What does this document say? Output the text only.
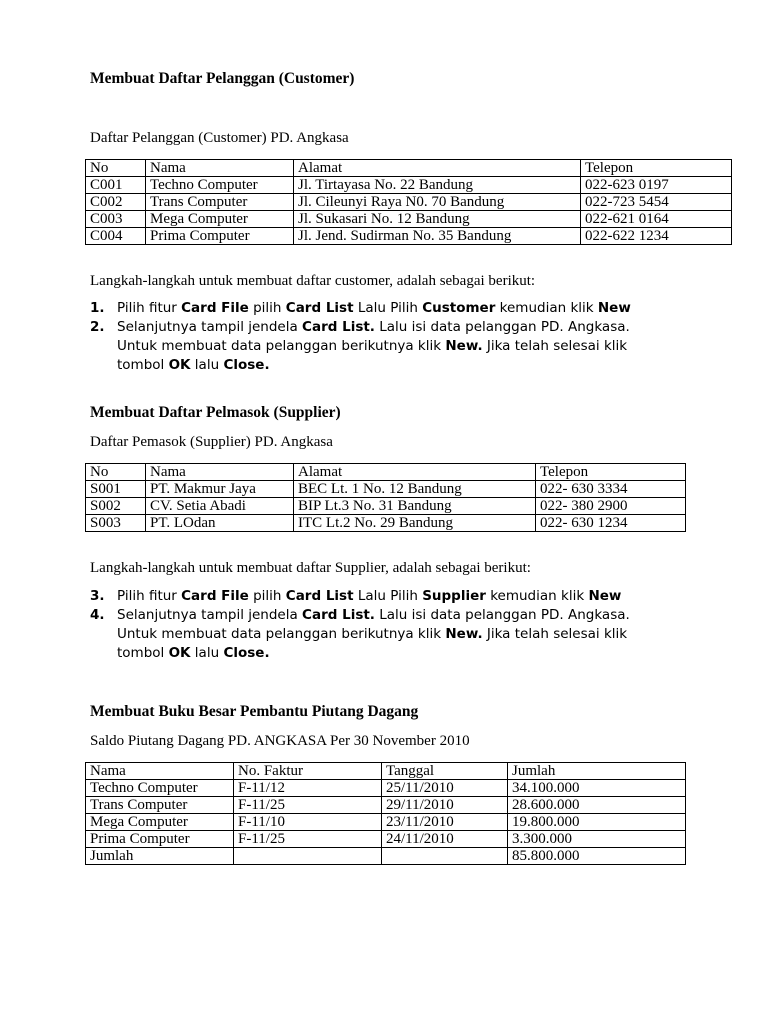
Membuat Daftar Pelanggan (Customer)
Daftar Pelanggan (Customer) PD. Angkasa
No	Nama	Alamat	Telepon
C001	Techno Computer	Jl. Tirtayasa No. 22 Bandung	022-623 0197
C002	Trans Computer	Jl. Cileunyi Raya N0. 70 Bandung	022-723 5454
C003	Mega Computer	Jl. Sukasari No. 12 Bandung	022-621 0164
C004	Prima Computer	Jl. Jend. Sudirman No. 35 Bandung	022-622 1234
Langkah-langkah untuk membuat daftar customer, adalah sebagai berikut:
1. Pilih fitur Card File pilih Card List Lalu Pilih Customer kemudian klik New
2. Selanjutnya tampil jendela Card List. Lalu isi data pelanggan PD. Angkasa.
Untuk membuat data pelanggan berikutnya klik New. Jika telah selesai klik
tombol OK lalu Close.
Membuat Daftar Pelmasok (Supplier)
Daftar Pemasok (Supplier) PD. Angkasa
No	Nama	Alamat	Telepon
S001	PT. Makmur Jaya	BEC Lt. 1 No. 12 Bandung	022- 630 3334
S002	CV. Setia Abadi	BIP Lt.3 No. 31 Bandung	022- 380 2900
S003	PT. LOdan	ITC Lt.2 No. 29 Bandung	022- 630 1234
Langkah-langkah untuk membuat daftar Supplier, adalah sebagai berikut:
3. Pilih fitur Card File pilih Card List Lalu Pilih Supplier kemudian klik New
4. Selanjutnya tampil jendela Card List. Lalu isi data pelanggan PD. Angkasa.
Untuk membuat data pelanggan berikutnya klik New. Jika telah selesai klik
tombol OK lalu Close.
Membuat Buku Besar Pembantu Piutang Dagang
Saldo Piutang Dagang PD. ANGKASA Per 30 November 2010
Nama	No. Faktur	Tanggal	Jumlah
Techno Computer	F-11/12	25/11/2010	34.100.000
Trans Computer	F-11/25	29/11/2010	28.600.000
Mega Computer	F-11/10	23/11/2010	19.800.000
Prima Computer	F-11/25	24/11/2010	3.300.000
Jumlah			85.800.000
